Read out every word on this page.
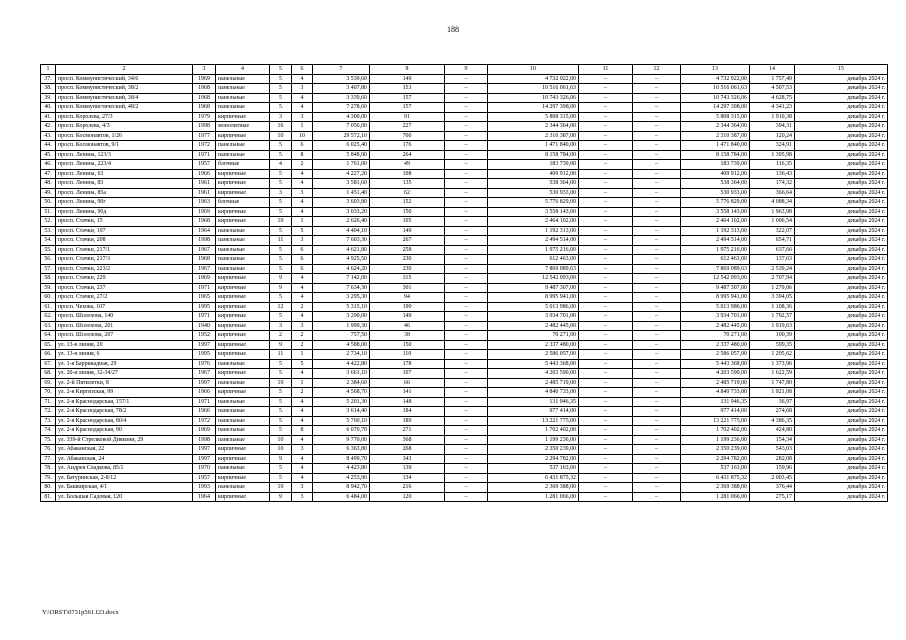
188
1	2	3	4	5	6	7	8	9	10	11	12	13	14	15
37.	просп. Коммунистический, 34/6	1969	панельные	5	4	3 539,60	149	–	4 732 922,00	–	–	4 732 922,00	1 757,49	декабрь 2024 г.
38.	просп. Коммунистический, 38/2	1968	панельные	5	3	3 407,80	153	–	10 516 061,63	–	–	10 516 061,63	4 507,53	декабрь 2024 г.
39.	просп. Коммунистический, 38/4	1968	панельные	5	4	3 339,60	157	–	10 743 326,06	–	–	10 743 326,06	4 628,75	декабрь 2024 г.
40.	просп. Коммунистический, 48/2	1968	панельные	5	4	7 278,60	157	–	14 297 398,00	–	–	14 297 398,00	4 341,23	декабрь 2024 г.
41.	просп. Королева, 27/3	1979	кирпичные	3	3	4 300,00	91	–	5 808 315,00	–	–	5 808 315,00	1 910,38	декабрь 2024 г.
42.	просп. Королева, 4/3	1998	монолитные	16	1	7 056,00	227	–	2 344 364,00	–	–	2 344 364,00	394,31	декабрь 2024 г.
43.	просп. Космонавтов, 1/26	1977	кирпичные	10	10	29 572,10	700	–	2 310 387,00	–	–	2 310 387,00	120,24	декабрь 2024 г.
44.	просп. Космонавтов, 9/1	1972	панельные	5	6	6 025,40	176	–	1 471 840,00	–	–	1 471 840,00	324,91	декабрь 2024 г.
45.	просп. Ленина, 123/3	1971	панельные	5	8	5 848,90	264	–	8 158 784,00	–	–	8 158 784,00	1 395,98	декабрь 2024 г.
46.	просп. Ленина, 223/4	1957	блочные	4	2	1 761,00	49	–	183 739,00	–	–	183 739,00	116,35	декабрь 2024 г.
47.	просп. Ленина, 63	1966	кирпичные	5	4	4 227,20	108	–	409 912,00	–	–	409 912,00	136,43	декабрь 2024 г.
48.	просп. Ленина, 83	1961	кирпичные	5	4	3 581,60	135	–	538 364,00	–	–	538 364,00	174,32	декабрь 2024 г.
49.	просп. Ленина, 85а	1961	кирпичные	3	3	1 451,40	62	–	530 933,00	–	–	530 933,00	366,64	декабрь 2024 г.
50.	просп. Ленина, 90г	1963	блочные	5	4	3 603,80	152	–	5 776 829,00	–	–	5 776 829,00	4 088,34	декабрь 2024 г.
51.	просп. Ленина, 90д	1969	кирпичные	5	4	3 033,20	150	–	3 558 143,00	–	–	3 558 143,00	1 963,98	декабрь 2024 г.
52.	просп. Стачки, 15	1968	кирпичные	10	1	2 626,40	105	–	2 464 102,00	–	–	2 464 102,00	1 006,54	декабрь 2024 г.
53.	просп. Стачки, 197	1964	панельные	5	5	4 404,10	149	–	1 192 313,00	–	–	1 192 313,00	322,07	декабрь 2024 г.
54.	просп. Стачки, 208	1998	панельные	11	3	7 603,30	267	–	2 494 514,00	–	–	2 494 514,00	654,71	декабрь 2024 г.
55.	просп. Стачки, 217/1	1967	панельные	5	6	4 621,80	258	–	1 975 216,00	–	–	1 975 216,00	637,66	декабрь 2024 г.
56.	просп. Стачки, 217/3	1968	панельные	5	6	4 925,50	230	–	612 463,00	–	–	612 463,00	137,63	декабрь 2024 г.
57.	просп. Стачки, 223/2	1967	панельные	5	6	4 624,20	230	–	7 869 089,63	–	–	7 869 089,63	2 539,24	декабрь 2024 г.
58.	просп. Стачки, 229	1969	кирпичные	9	4	7 142,00	315	–	12 542 093,00	–	–	12 542 093,00	2 707,94	декабрь 2024 г.
59.	просп. Стачки, 237	1971	кирпичные	9	4	7 634,30	301	–	9 487 307,00	–	–	9 487 307,00	1 279,06	декабрь 2024 г.
60.	просп. Стачки, 27/2	1965	кирпичные	5	4	3 295,30	94	–	8 995 941,00	–	–	8 995 941,00	3 394,05	декабрь 2024 г.
61.	просп. Чехова, 107	1995	кирпичные	12	2	5 315,10	190	–	5 013 986,00	–	–	5 013 986,00	1 108,36	декабрь 2024 г.
62.	просп. Шолохова, 140	1971	кирпичные	5	4	3 290,00	149	–	3 934 701,00	–	–	3 934 701,00	1 792,57	декабрь 2024 г.
63.	просп. Шолохова, 201	1940	кирпичные	3	3	1 999,30	46	–	2 482 445,00	–	–	2 482 445,00	1 919,63	декабрь 2024 г.
64.	просп. Шолохова, 207	1952	кирпичные	2	2	757,50	38	–	70 271,00	–	–	70 271,00	100,39	декабрь 2024 г.
65.	ул. 13-я линия, 20	1997	кирпичные	9	2	4 588,00	150	–	2 337 480,00	–	–	2 337 480,00	599,35	декабрь 2024 г.
66.	ул. 13-я линия, 6	1995	кирпичные	11	1	2 734,10	110	–	2 586 057,00	–	–	2 586 057,00	1 295,62	декабрь 2024 г.
67.	ул. 1-я Баррикадная, 29	1976	панельные	5	5	4 422,80	178	–	5 443 368,00	–	–	5 443 368,00	1 373,96	декабрь 2024 г.
68.	ул. 20-я линия, 32-34/27	1967	кирпичные	5	4	3 661,10	107	–	4 203 590,00	–	–	4 203 590,00	1 622,59	декабрь 2024 г.
69.	ул. 2-й Пятилетки, 8	1997	панельные	10	1	2 384,60	66	–	2 485 719,00	–	–	2 485 719,00	1 747,80	декабрь 2024 г.
70.	ул. 2-я Киргизская, 99	1966	кирпичные	5	2	4 568,70	141	–	4 840 733,00	–	–	4 840 733,00	1 921,08	декабрь 2024 г.
71.	ул. 2-я Краснодарская, 157/1	1971	панельные	5	4	5 201,30	148	–	131 946,35	–	–	131 946,35	36,97	декабрь 2024 г.
72.	ул. 2-я Краснодарская, 78/2	1966	панельные	5	4	3 614,40	184	–	977 414,00	–	–	977 414,00	274,68	декабрь 2024 г.
73.	ул. 2-я Краснодарская, 80/4	1972	панельные	5	4	5 760,10	189	–	13 221 775,00	–	–	13 221 775,00	4 386,35	декабрь 2024 г.
74.	ул. 2-я Краснодарская, 90	1969	панельные	5	8	6 070,70	271	–	1 702 402,00	–	–	1 702 402,00	424,80	декабрь 2024 г.
75.	ул. 339-й Стрелковой Дивизии, 29	1998	панельные	10	4	9 770,00	368	–	1 199 236,00	–	–	1 199 236,00	154,34	декабрь 2024 г.
76.	ул. Абаканская, 22	1997	кирпичные	10	3	6 363,80	268	–	2 350 239,00	–	–	2 350 239,00	543,03	декабрь 2024 г.
77.	ул. Абаканская, 24	1997	кирпичные	9	4	8 499,70	343	–	2 294 782,00	–	–	2 294 782,00	282,08	декабрь 2024 г.
78.	ул. Андрея Сладкова, 85/1	1970	панельные	5	4	4 423,80	139	–	537 163,00	–	–	537 163,00	159,96	декабрь 2024 г.
79.	ул. Батуринская, 2-8/12	1957	кирпичные	5	4	4 253,90	134	–	6 431 875,32	–	–	6 431 875,32	2 003,45	декабрь 2024 г.
80.	ул. Башкирская, 4/1	1993	панельные	10	3	8 942,70	216	–	2 369 388,00	–	–	2 369 388,00	376,44	декабрь 2024 г.
81.	ул. Большая Садовая, 120	1964	кирпичные	9	3	6 484,00	120	–	1 281 066,00	–	–	1 281 066,00	275,17	декабрь 2024 г.
Y:\ORST\0731p561.f23.docx
